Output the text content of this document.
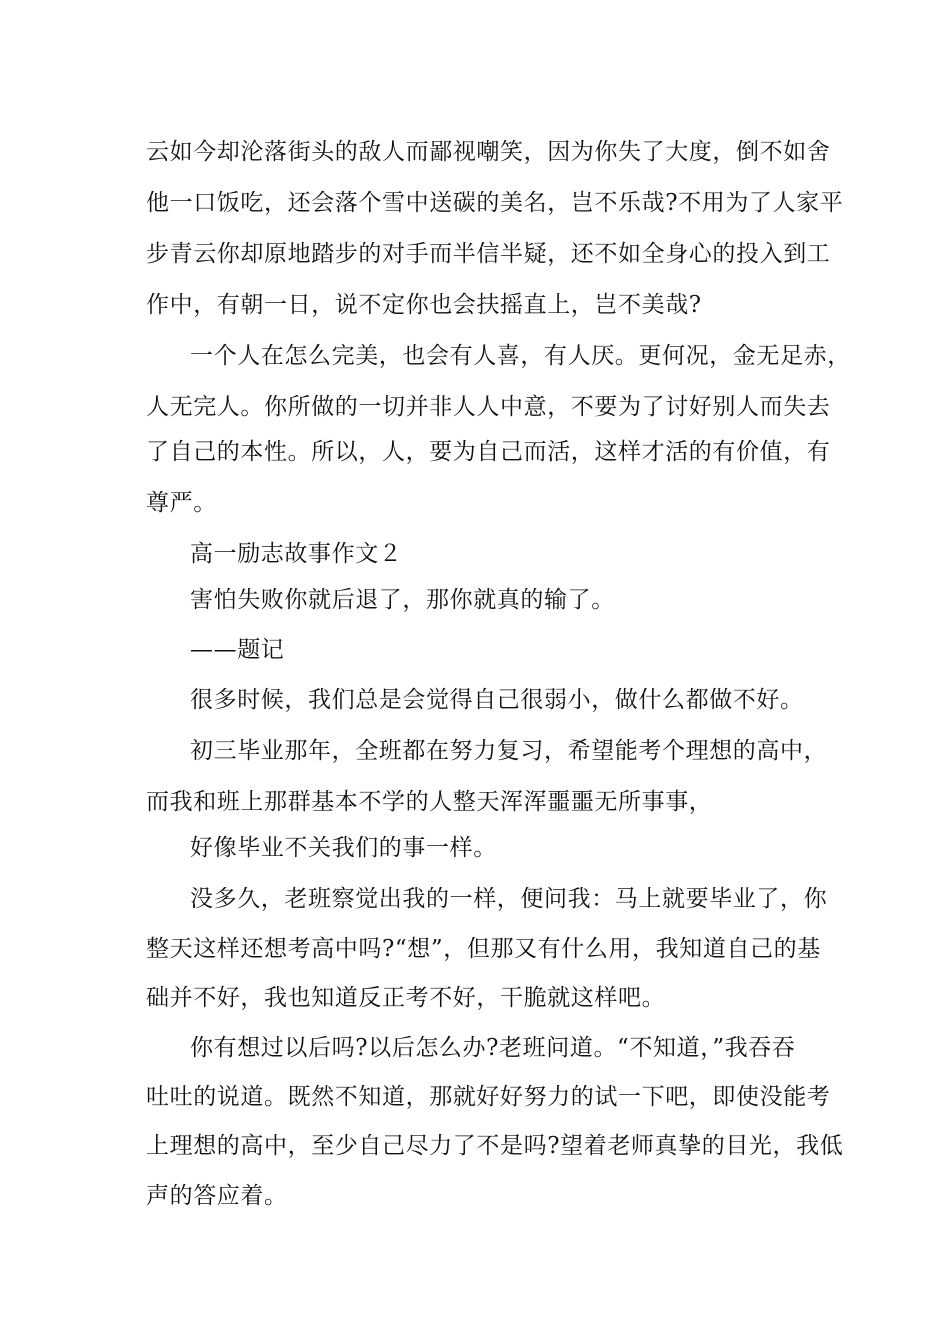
云如今却沦落街头的敌人而鄙视嘲笑，因为你失了大度，倒不如舍
他一口饭吃，还会落个雪中送碳的美名，岂不乐哉?不用为了人家平
步青云你却原地踏步的对手而半信半疑，还不如全身心的投入到工
作中，有朝一日，说不定你也会扶摇直上，岂不美哉?
一个人在怎么完美，也会有人喜，有人厌。更何况，金无足赤，
人无完人。你所做的一切并非人人中意，不要为了讨好别人而失去
了自己的本性。所以，人，要为自己而活，这样才活的有价值，有
尊严。
高一励志故事作文２
害怕失败你就后退了，那你就真的输了。
——题记
很多时候，我们总是会觉得自己很弱小，做什么都做不好。
初三毕业那年，全班都在努力复习，希望能考个理想的高中，
而我和班上那群基本不学的人整天浑浑噩噩无所事事，
好像毕业不关我们的事一样。
没多久，老班察觉出我的一样，便问我：马上就要毕业了，你
整天这样还想考高中吗?“想”，但那又有什么用，我知道自己的基
础并不好，我也知道反正考不好，干脆就这样吧。
你有想过以后吗?以后怎么办?老班问道。“不知道，”我吞吞
吐吐的说道。既然不知道，那就好好努力的试一下吧，即使没能考
上理想的高中，至少自己尽力了不是吗?望着老师真挚的目光，我低
声的答应着。
